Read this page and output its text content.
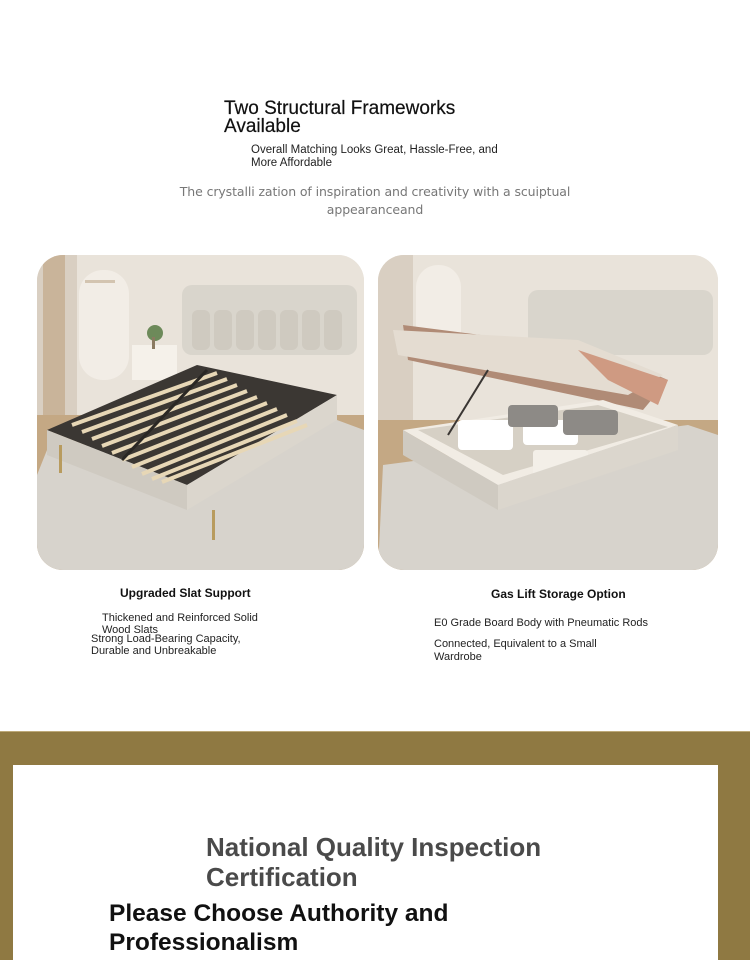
Two Structural Frameworks Available
Overall Matching Looks Great, Hassle-Free, and More Affordable
The crystalli zation of inspiration and creativity with a scuiptual appearanceand
Upgraded Slat Support
Thickened and Reinforced Solid Wood Slats
Strong Load-Bearing Capacity, Durable and Unbreakable
Gas Lift Storage Option
E0 Grade Board Body with Pneumatic Rods
Connected, Equivalent to a Small Wardrobe
National Quality Inspection Certification
Please Choose Authority and Professionalism
